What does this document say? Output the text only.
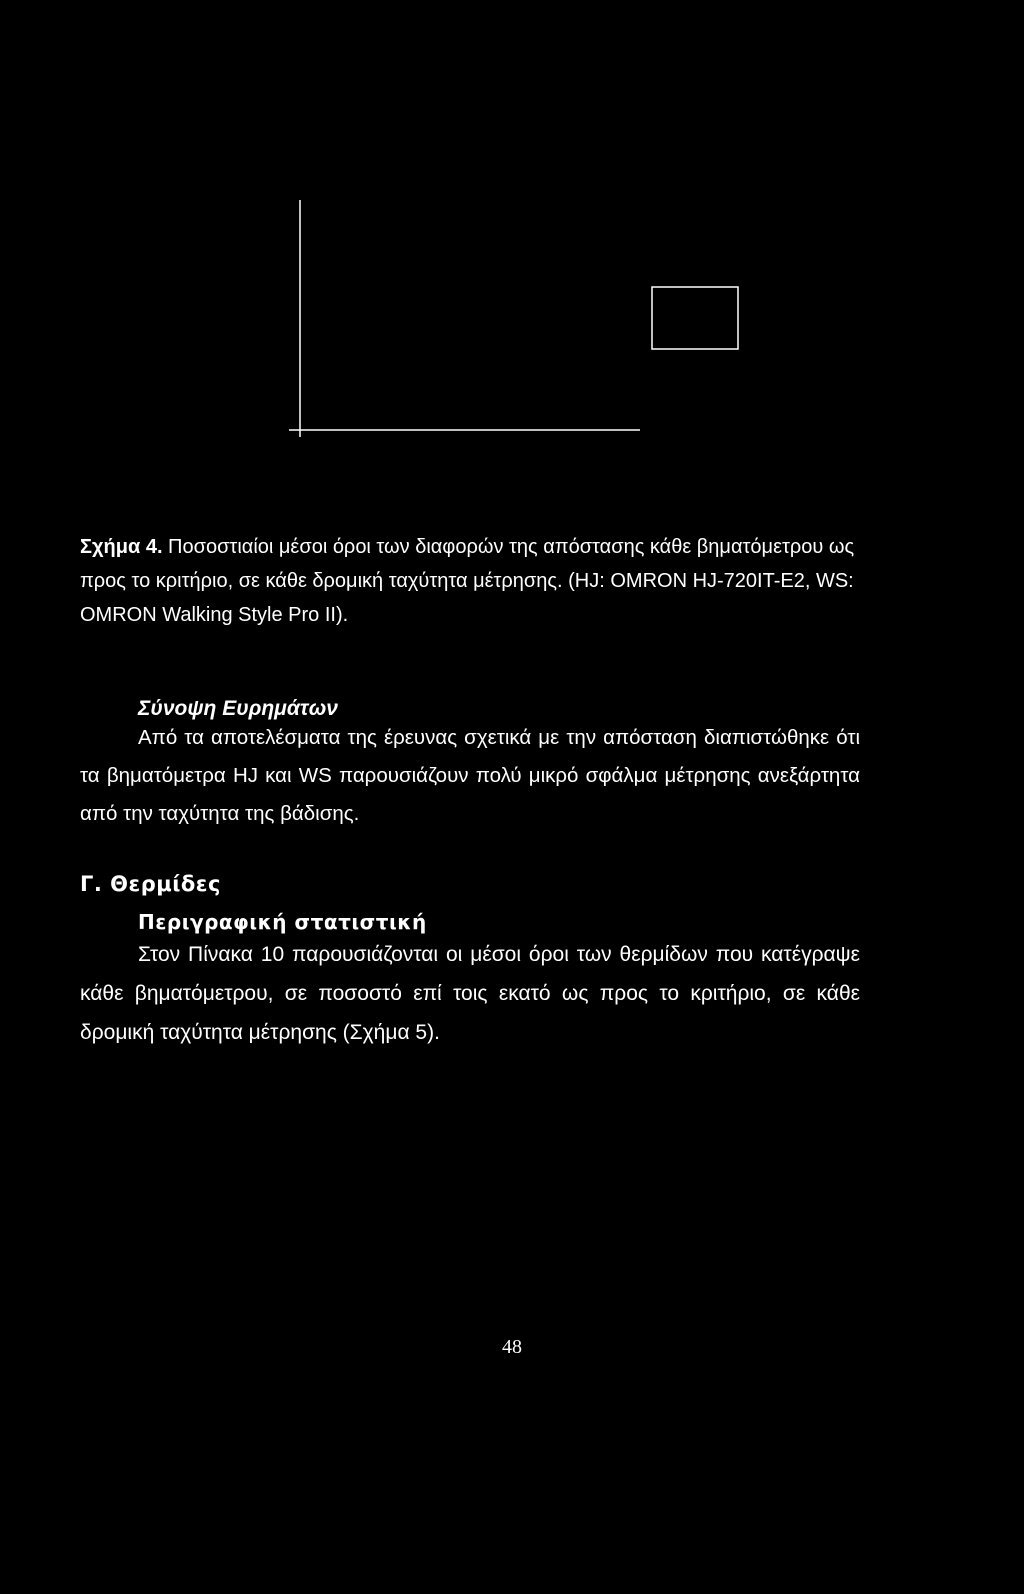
Σχήμα 4. Ποσοστιαίοι μέσοι όροι των διαφορών της απόστασης κάθε βηματόμετρου ως προς το κριτήριο, σε κάθε δρομική ταχύτητα μέτρησης. (HJ: OMRON HJ-720IT-E2, WS: OMRON Walking Style Pro II).
Σύνοψη Ευρημάτων
Από τα αποτελέσματα της έρευνας σχετικά με την απόσταση διαπιστώθηκε ότι τα βηματόμετρα HJ και WS παρουσιάζουν πολύ μικρό σφάλμα μέτρησης ανεξάρτητα από την ταχύτητα της βάδισης.
Γ. Θερμίδες
Περιγραφική στατιστική
Στον Πίνακα 10 παρουσιάζονται οι μέσοι όροι των θερμίδων που κατέγραψε κάθε βηματόμετρου, σε ποσοστό επί τοις εκατό ως προς το κριτήριο, σε κάθε δρομική ταχύτητα μέτρησης (Σχήμα 5).
48
